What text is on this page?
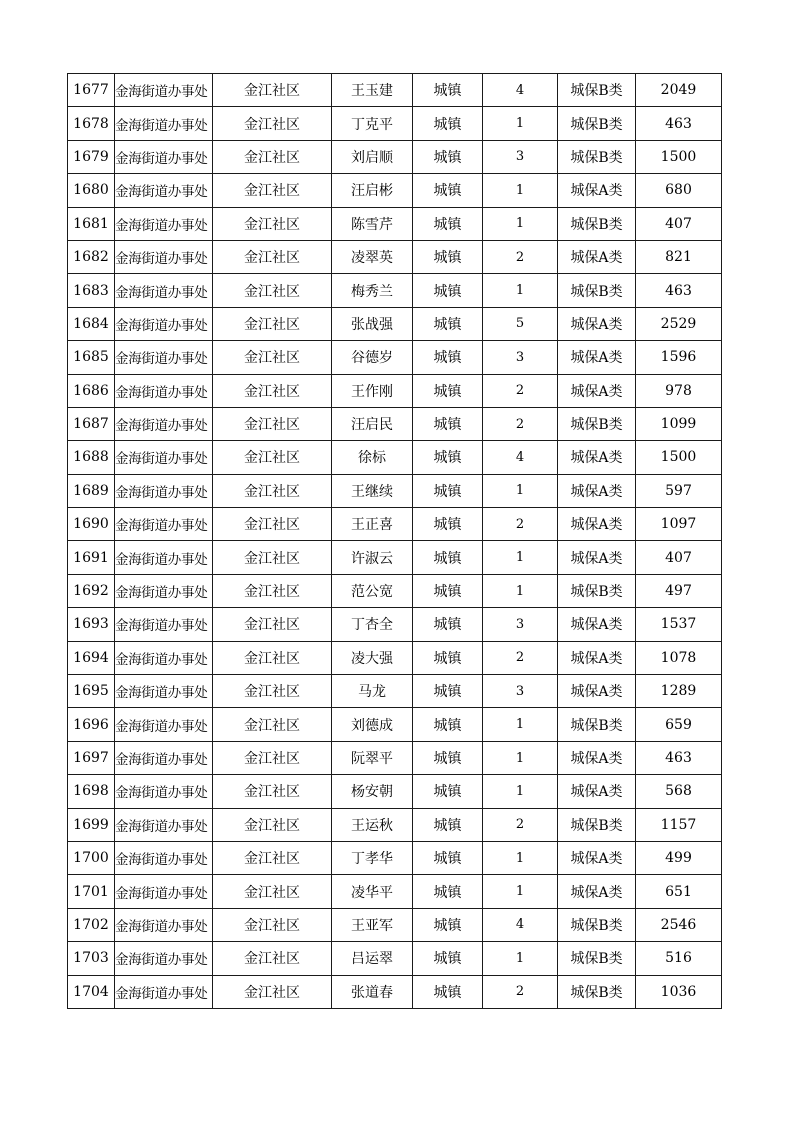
1677	金海街道办事处	金江社区	王玉建	城镇	4	城保B类	2049
1678	金海街道办事处	金江社区	丁克平	城镇	1	城保B类	463
1679	金海街道办事处	金江社区	刘启顺	城镇	3	城保B类	1500
1680	金海街道办事处	金江社区	汪启彬	城镇	1	城保A类	680
1681	金海街道办事处	金江社区	陈雪芹	城镇	1	城保B类	407
1682	金海街道办事处	金江社区	凌翠英	城镇	2	城保A类	821
1683	金海街道办事处	金江社区	梅秀兰	城镇	1	城保B类	463
1684	金海街道办事处	金江社区	张战强	城镇	5	城保A类	2529
1685	金海街道办事处	金江社区	谷德岁	城镇	3	城保A类	1596
1686	金海街道办事处	金江社区	王作刚	城镇	2	城保A类	978
1687	金海街道办事处	金江社区	汪启民	城镇	2	城保B类	1099
1688	金海街道办事处	金江社区	徐标	城镇	4	城保A类	1500
1689	金海街道办事处	金江社区	王继续	城镇	1	城保A类	597
1690	金海街道办事处	金江社区	王正喜	城镇	2	城保A类	1097
1691	金海街道办事处	金江社区	许淑云	城镇	1	城保A类	407
1692	金海街道办事处	金江社区	范公宽	城镇	1	城保B类	497
1693	金海街道办事处	金江社区	丁杏全	城镇	3	城保A类	1537
1694	金海街道办事处	金江社区	凌大强	城镇	2	城保A类	1078
1695	金海街道办事处	金江社区	马龙	城镇	3	城保A类	1289
1696	金海街道办事处	金江社区	刘德成	城镇	1	城保B类	659
1697	金海街道办事处	金江社区	阮翠平	城镇	1	城保A类	463
1698	金海街道办事处	金江社区	杨安朝	城镇	1	城保A类	568
1699	金海街道办事处	金江社区	王运秋	城镇	2	城保B类	1157
1700	金海街道办事处	金江社区	丁孝华	城镇	1	城保A类	499
1701	金海街道办事处	金江社区	凌华平	城镇	1	城保A类	651
1702	金海街道办事处	金江社区	王亚军	城镇	4	城保B类	2546
1703	金海街道办事处	金江社区	吕运翠	城镇	1	城保B类	516
1704	金海街道办事处	金江社区	张道春	城镇	2	城保B类	1036
